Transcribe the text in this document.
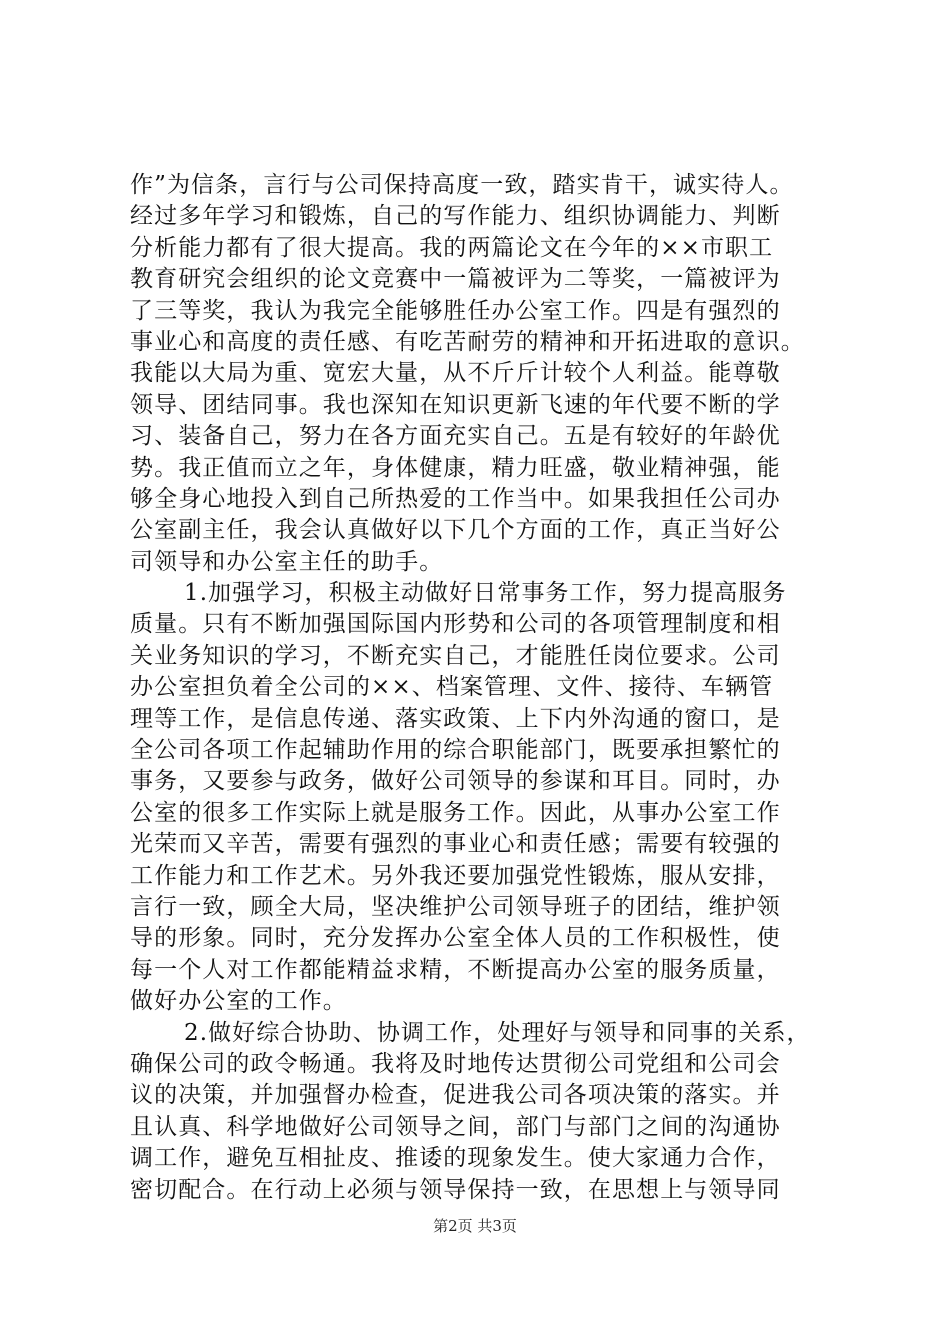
作”为信条，言行与公司保持高度一致，踏实肯干，诚实待人。
经过多年学习和锻炼，自己的写作能力、组织协调能力、判断
分析能力都有了很大提高。我的两篇论文在今年的××市职工
教育研究会组织的论文竞赛中一篇被评为二等奖，一篇被评为
了三等奖，我认为我完全能够胜任办公室工作。四是有强烈的
事业心和高度的责任感、有吃苦耐劳的精神和开拓进取的意识。
我能以大局为重、宽宏大量，从不斤斤计较个人利益。能尊敬
领导、团结同事。我也深知在知识更新飞速的年代要不断的学
习、装备自己，努力在各方面充实自己。五是有较好的年龄优
势。我正值而立之年，身体健康，精力旺盛，敬业精神强，能
够全身心地投入到自己所热爱的工作当中。如果我担任公司办
公室副主任，我会认真做好以下几个方面的工作，真正当好公
司领导和办公室主任的助手。
1.加强学习，积极主动做好日常事务工作，努力提高服务
质量。只有不断加强国际国内形势和公司的各项管理制度和相
关业务知识的学习，不断充实自己，才能胜任岗位要求。公司
办公室担负着全公司的××、档案管理、文件、接待、车辆管
理等工作，是信息传递、落实政策、上下内外沟通的窗口，是
全公司各项工作起辅助作用的综合职能部门，既要承担繁忙的
事务，又要参与政务，做好公司领导的参谋和耳目。同时，办
公室的很多工作实际上就是服务工作。因此，从事办公室工作
光荣而又辛苦，需要有强烈的事业心和责任感；需要有较强的
工作能力和工作艺术。另外我还要加强党性锻炼，服从安排，
言行一致，顾全大局，坚决维护公司领导班子的团结，维护领
导的形象。同时，充分发挥办公室全体人员的工作积极性，使
每一个人对工作都能精益求精，不断提高办公室的服务质量，
做好办公室的工作。
2.做好综合协助、协调工作，处理好与领导和同事的关系，
确保公司的政令畅通。我将及时地传达贯彻公司党组和公司会
议的决策，并加强督办检查，促进我公司各项决策的落实。并
且认真、科学地做好公司领导之间，部门与部门之间的沟通协
调工作，避免互相扯皮、推诿的现象发生。使大家通力合作，
密切配合。在行动上必须与领导保持一致，在思想上与领导同
第2页 共3页
